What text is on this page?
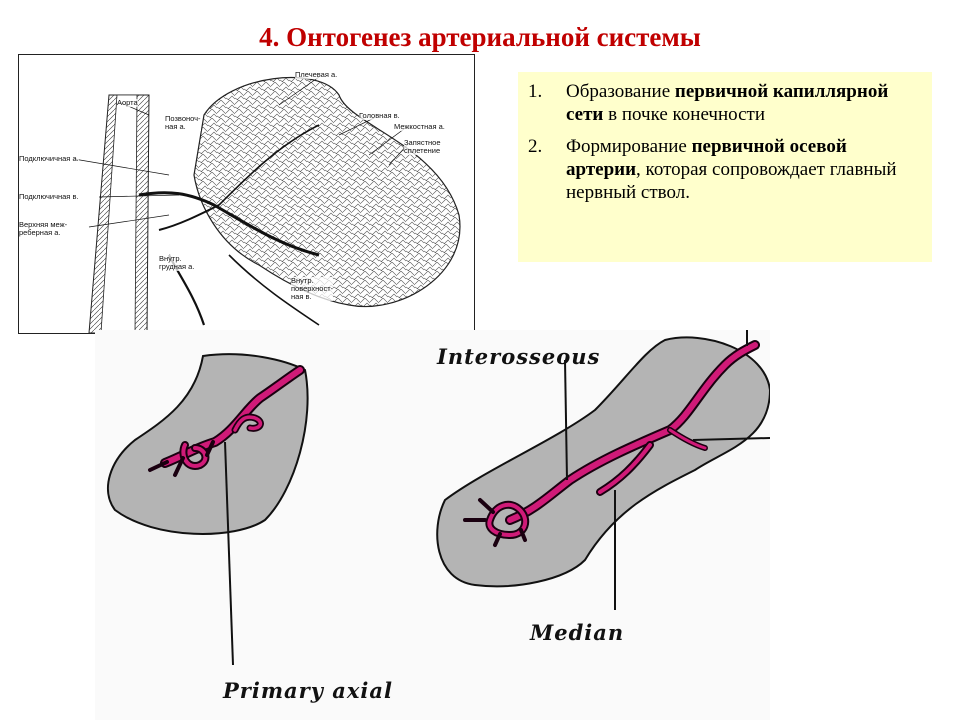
4. Онтогенез артериальной системы
Аорта
Плечевая а.
Позвоноч-
ная а.
Головная в.
Межкостная а.
Запястное
сплетение
Подключичная а.
Подключичная в.
Верхняя меж-
реберная а.
Внутр.
грудная а.
Внутр.
поверхност-
ная в.
1. Образование первичной капиллярной сети в почке конечности
2. Формирование первичной осевой артерии, которая сопровождает главный нервный ствол.
Interosseous
Median
Primary axial
